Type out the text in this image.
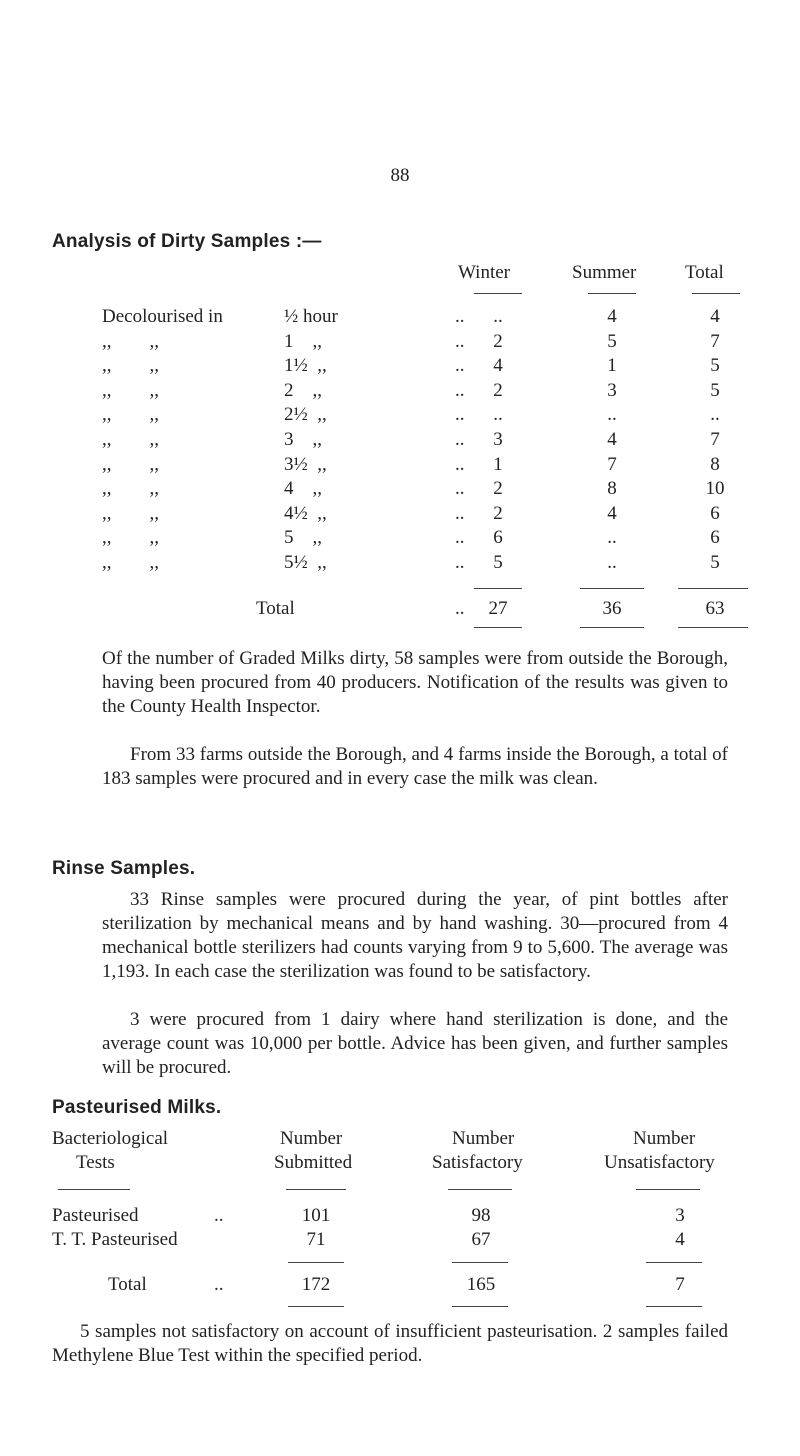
88
Analysis of Dirty Samples :—
Winter	Summer	Total
Decolourised in	½ hour	..	..	4	4
,,        ,,	1    ,,	..	2	5	7
,,        ,,	1½  ,,	..	4	1	5
,,        ,,	2    ,,	..	2	3	5
,,        ,,	2½  ,,	..	..	..	..
,,        ,,	3    ,,	..	3	4	7
,,        ,,	3½  ,,	..	1	7	8
,,        ,,	4    ,,	..	2	8	10
,,        ,,	4½  ,,	..	2	4	6
,,        ,,	5    ,,	..	6	..	6
,,        ,,	5½  ,,	..	5	..	5
Total	..	27	36	63
Of the number of Graded Milks dirty, 58 samples were from outside the Borough, having been procured from 40 producers. Notification of the results was given to the County Health Inspector.
From 33 farms outside the Borough, and 4 farms inside the Borough, a total of 183 samples were procured and in every case the milk was clean.
Rinse Samples.
33 Rinse samples were procured during the year, of pint bottles after sterilization by mechanical means and by hand washing. 30—procured from 4 mechanical bottle sterilizers had counts varying from 9 to 5,600. The average was 1,193. In each case the sterilization was found to be satisfactory.
3 were procured from 1 dairy where hand sterilization is done, and the average count was 10,000 per bottle. Advice has been given, and further samples will be procured.
Pasteurised Milks.
Bacteriological
Tests
Number
Submitted
Number
Satisfactory
Number
Unsatisfactory
Pasteurised	..	101	98	3
T. T. Pasteurised	71	67	4
Total	..	172	165	7
5 samples not satisfactory on account of insufficient pasteurisation. 2 samples failed Methylene Blue Test within the specified period.
